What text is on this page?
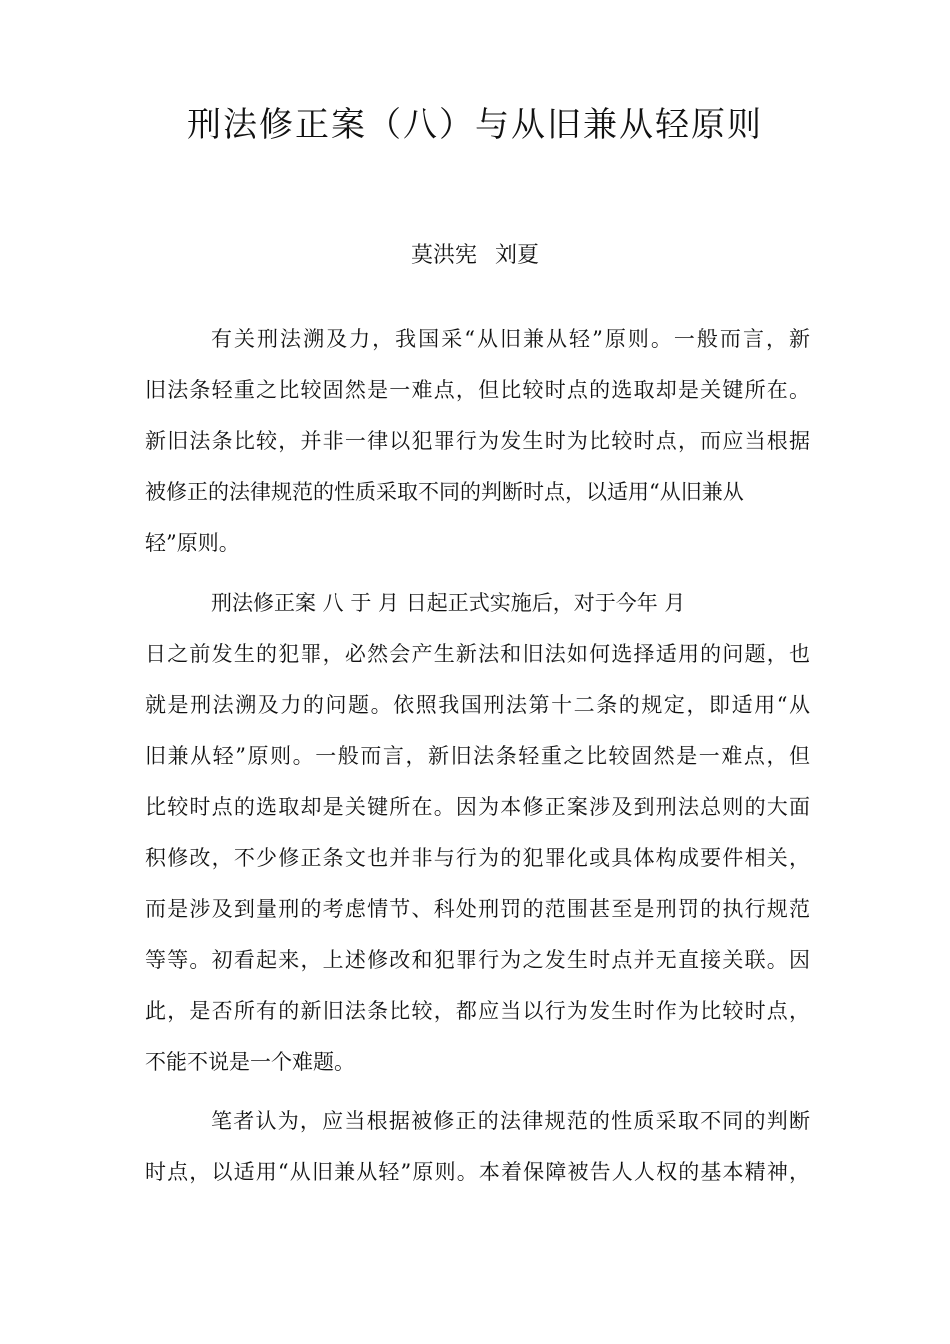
刑法修正案（八）与从旧兼从轻原则
莫洪宪 刘夏
有关刑法溯及力，我国采“从旧兼从轻”原则。一般而言，新
旧法条轻重之比较固然是一难点，但比较时点的选取却是关键所在。
新旧法条比较，并非一律以犯罪行为发生时为比较时点，而应当根据
被修正的法律规范的性质采取不同的判断时点，以适用“从旧兼从
轻”原则。
刑法修正案 八 于 月 日起正式实施后，对于今年 月
日之前发生的犯罪，必然会产生新法和旧法如何选择适用的问题，也
就是刑法溯及力的问题。依照我国刑法第十二条的规定，即适用“从
旧兼从轻”原则。一般而言，新旧法条轻重之比较固然是一难点，但
比较时点的选取却是关键所在。因为本修正案涉及到刑法总则的大面
积修改，不少修正条文也并非与行为的犯罪化或具体构成要件相关，
而是涉及到量刑的考虑情节、科处刑罚的范围甚至是刑罚的执行规范
等等。初看起来，上述修改和犯罪行为之发生时点并无直接关联。因
此，是否所有的新旧法条比较，都应当以行为发生时作为比较时点，
不能不说是一个难题。
笔者认为，应当根据被修正的法律规范的性质采取不同的判断
时点，以适用“从旧兼从轻”原则。本着保障被告人人权的基本精神，
